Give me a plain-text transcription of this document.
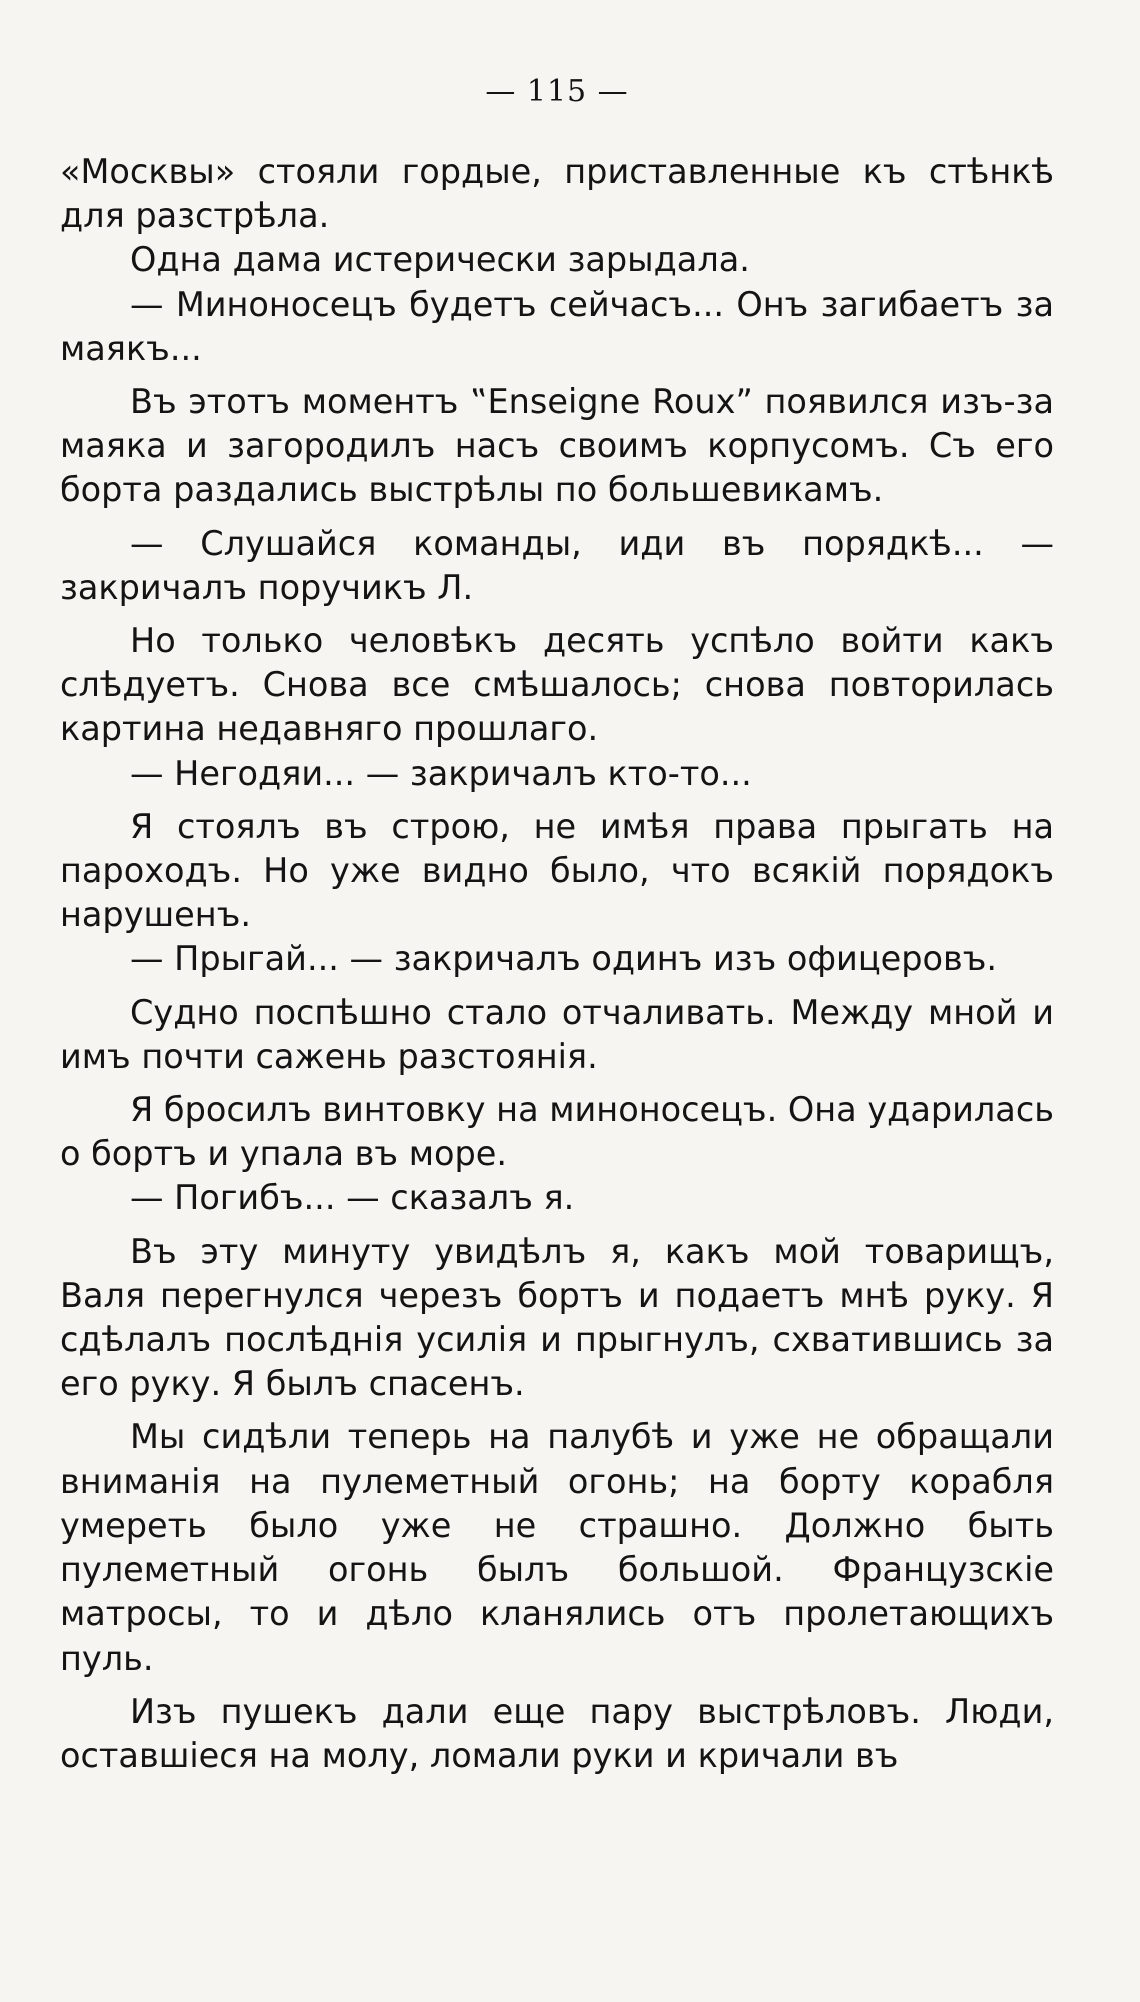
— 115 —

«Москвы» стояли гордые, приставленные къ стѣнкѣ для разстрѣла.

Одна дама истерически зарыдала.

— Миноносецъ будетъ сейчасъ... Онъ загибаетъ за маякъ...

Въ этотъ моментъ ‟Enseigne Roux” появился изъ-за маяка и загородилъ насъ своимъ корпусомъ. Съ его борта раздались выстрѣлы по большевикамъ.

— Слушайся команды, иди въ порядкѣ... — закричалъ поручикъ Л.

Но только человѣкъ десять успѣло войти какъ слѣдуетъ. Снова все смѣшалось; снова повторилась картина недавняго прошлаго.

— Негодяи... — закричалъ кто-то...

Я стоялъ въ строю, не имѣя права прыгать на пароходъ. Но уже видно было, что всякій порядокъ нарушенъ.

— Прыгай... — закричалъ одинъ изъ офицеровъ.

Судно поспѣшно стало отчаливать. Между мной и имъ почти сажень разстоянія.

Я бросилъ винтовку на миноносецъ. Она ударилась о бортъ и упала въ море.

— Погибъ... — сказалъ я.

Въ эту минуту увидѣлъ я, какъ мой товарищъ, Валя перегнулся черезъ бортъ и подаетъ мнѣ руку. Я сдѣлалъ послѣднія усилія и прыгнулъ, схватившись за его руку. Я былъ спасенъ.

Мы сидѣли теперь на палубѣ и уже не обращали вниманія на пулеметный огонь; на борту корабля умереть было уже не страшно. Должно быть пулеметный огонь былъ большой. Французскіе матросы, то и дѣло кланялись отъ пролетающихъ пуль.

Изъ пушекъ дали еще пару выстрѣловъ. Люди, оставшіеся на молу, ломали руки и кричали въ
